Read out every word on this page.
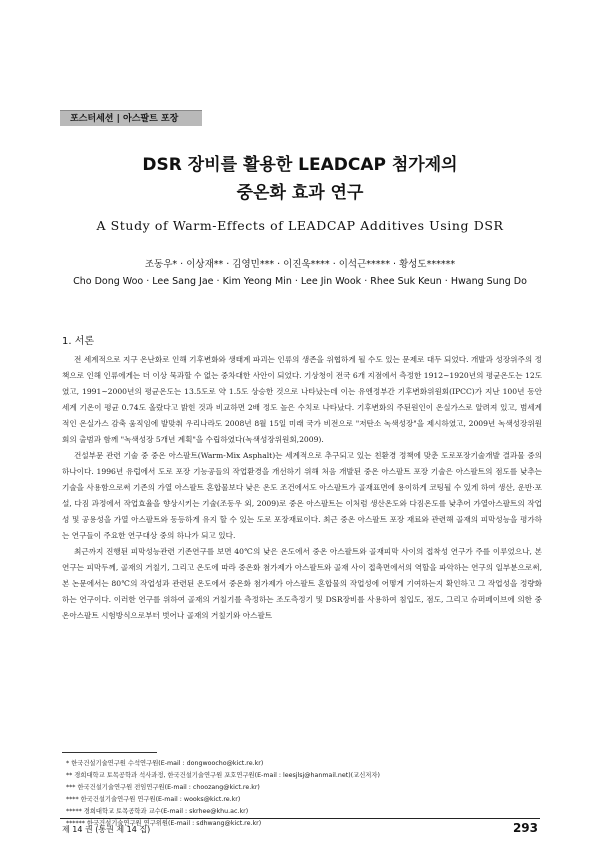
포스터세션 | 아스팔트 포장
DSR 장비를 활용한 LEADCAP 첨가제의
중온화 효과 연구
A Study of Warm-Effects of LEADCAP Additives Using DSR
조동우* · 이상재** · 김영민*** · 이진욱**** · 이석근***** · 황성도******
Cho Dong Woo · Lee Sang Jae · Kim Yeong Min · Lee Jin Wook · Rhee Suk Keun · Hwang Sung Do
1. 서론

전 세계적으로 지구 온난화로 인해 기후변화와 생태계 파괴는 인류의 생존을 위협하게 될 수도 있는 문제로 대두 되었다. 개발과 성장위주의 정책으로 인해 인류에게는 더 이상 묵과할 수 없는 중차대한 사안이 되었다. 기상청이 전국 6개 지점에서 측정한 1912~1920년의 평균온도는 12도였고, 1991~2000년의 평균온도는 13.5도로 약 1.5도 상승한 것으로 나타났는데 이는 유엔정부간 기후변화위원회(IPCC)가 지난 100년 동안 세계 기온이 평균 0.74도 올랐다고 밝힌 것과 비교하면 2배 정도 높은 수치로 나타났다. 기후변화의 주된원인이 온실가스로 알려져 있고, 범세계적인 온실가스 감축 움직임에 발맞춰 우리나라도 2008년 8월 15일 미래 국가 비전으로 "저탄소 녹색성장"을 제시하였고, 2009년 녹색성장위원회의 출범과 함께 "녹색성장 5개년 계획"을 수립하였다(녹색성장위원회,2009).

건설부문 관련 기술 중 중온 아스팔트(Warm-Mix Asphalt)는 세계적으로 추구되고 있는 친환경 정책에 맞춘 도로포장기술개발 결과물 중의 하나이다. 1996년 유럽에서 도로 포장 기능공들의 작업환경을 개선하기 위해 처음 개발된 중온 아스팔트 포장 기술은 아스팔트의 점도를 낮추는 기술을 사용함으로써 기존의 가열 아스팔트 혼합물보다 낮은 온도 조건에서도 아스팔트가 골재표면에 용이하게 코팅될 수 있게 하여 생산, 운반·포설, 다짐 과정에서 작업효율을 향상시키는 기술(조동우 외, 2009)로 중온 아스팔트는 이처럼 생산온도와 다짐온도를 낮추어 가열아스팔트의 작업성 및 공용성을 가열 아스팔트와 동등하게 유지 할 수 있는 도로 포장재료이다. 최근 중온 아스팔트 포장 재료와 관련해 골재의 피막성능을 평가하는 연구들이 주요한 연구대상 중의 하나가 되고 있다.

최근까지 진행된 피막성능관련 기존연구를 보면 40℃의 낮은 온도에서 중온 아스팔트와 골재피막 사이의 접착성 연구가 주를 이루었으나, 본 연구는 피막두께, 골재의 거칠기, 그리고 온도에 따라 중온화 첨가제가 아스팔트와 골재 사이 접촉면에서의 역할을 파악하는 연구의 일부분으로써, 본 논문에서는 80℃의 작업성과 관련된 온도에서 중온화 첨가제가 아스팔트 혼합물의 작업성에 어떻게 기여하는지 확인하고 그 작업성을 정량화 하는 연구이다. 이러한 연구를 위하여 골재의 거칠기를 측정하는 조도측정기 및 DSR장비를 사용하여 침입도, 점도, 그리고 슈퍼페이브에 의한 중온아스팔트 시험방식으로부터 벗어나 골재의 거칠기와 아스팔트

* 한국건설기술연구원 수석연구원(E-mail : dongwoocho@kict.re.kr)
** 경희대학교 토목공학과 석사과정, 한국건설기술연구원 포호연구원(E-mail : leesjlsj@hanmail.net)(교신저자)
*** 한국건설기술연구원 전임연구원(E-mail : choozang@kict.re.kr)
**** 한국건설기술연구원 연구원(E-mail : wooks@kict.re.kr)
***** 경희대학교 토목공학과 교수(E-mail : skrhee@khu.ac.kr)
****** 한국건설기술연구원 연구위원(E-mail : sdhwang@kict.re.kr)
제 14 권 (통권 제 14 집)	293
